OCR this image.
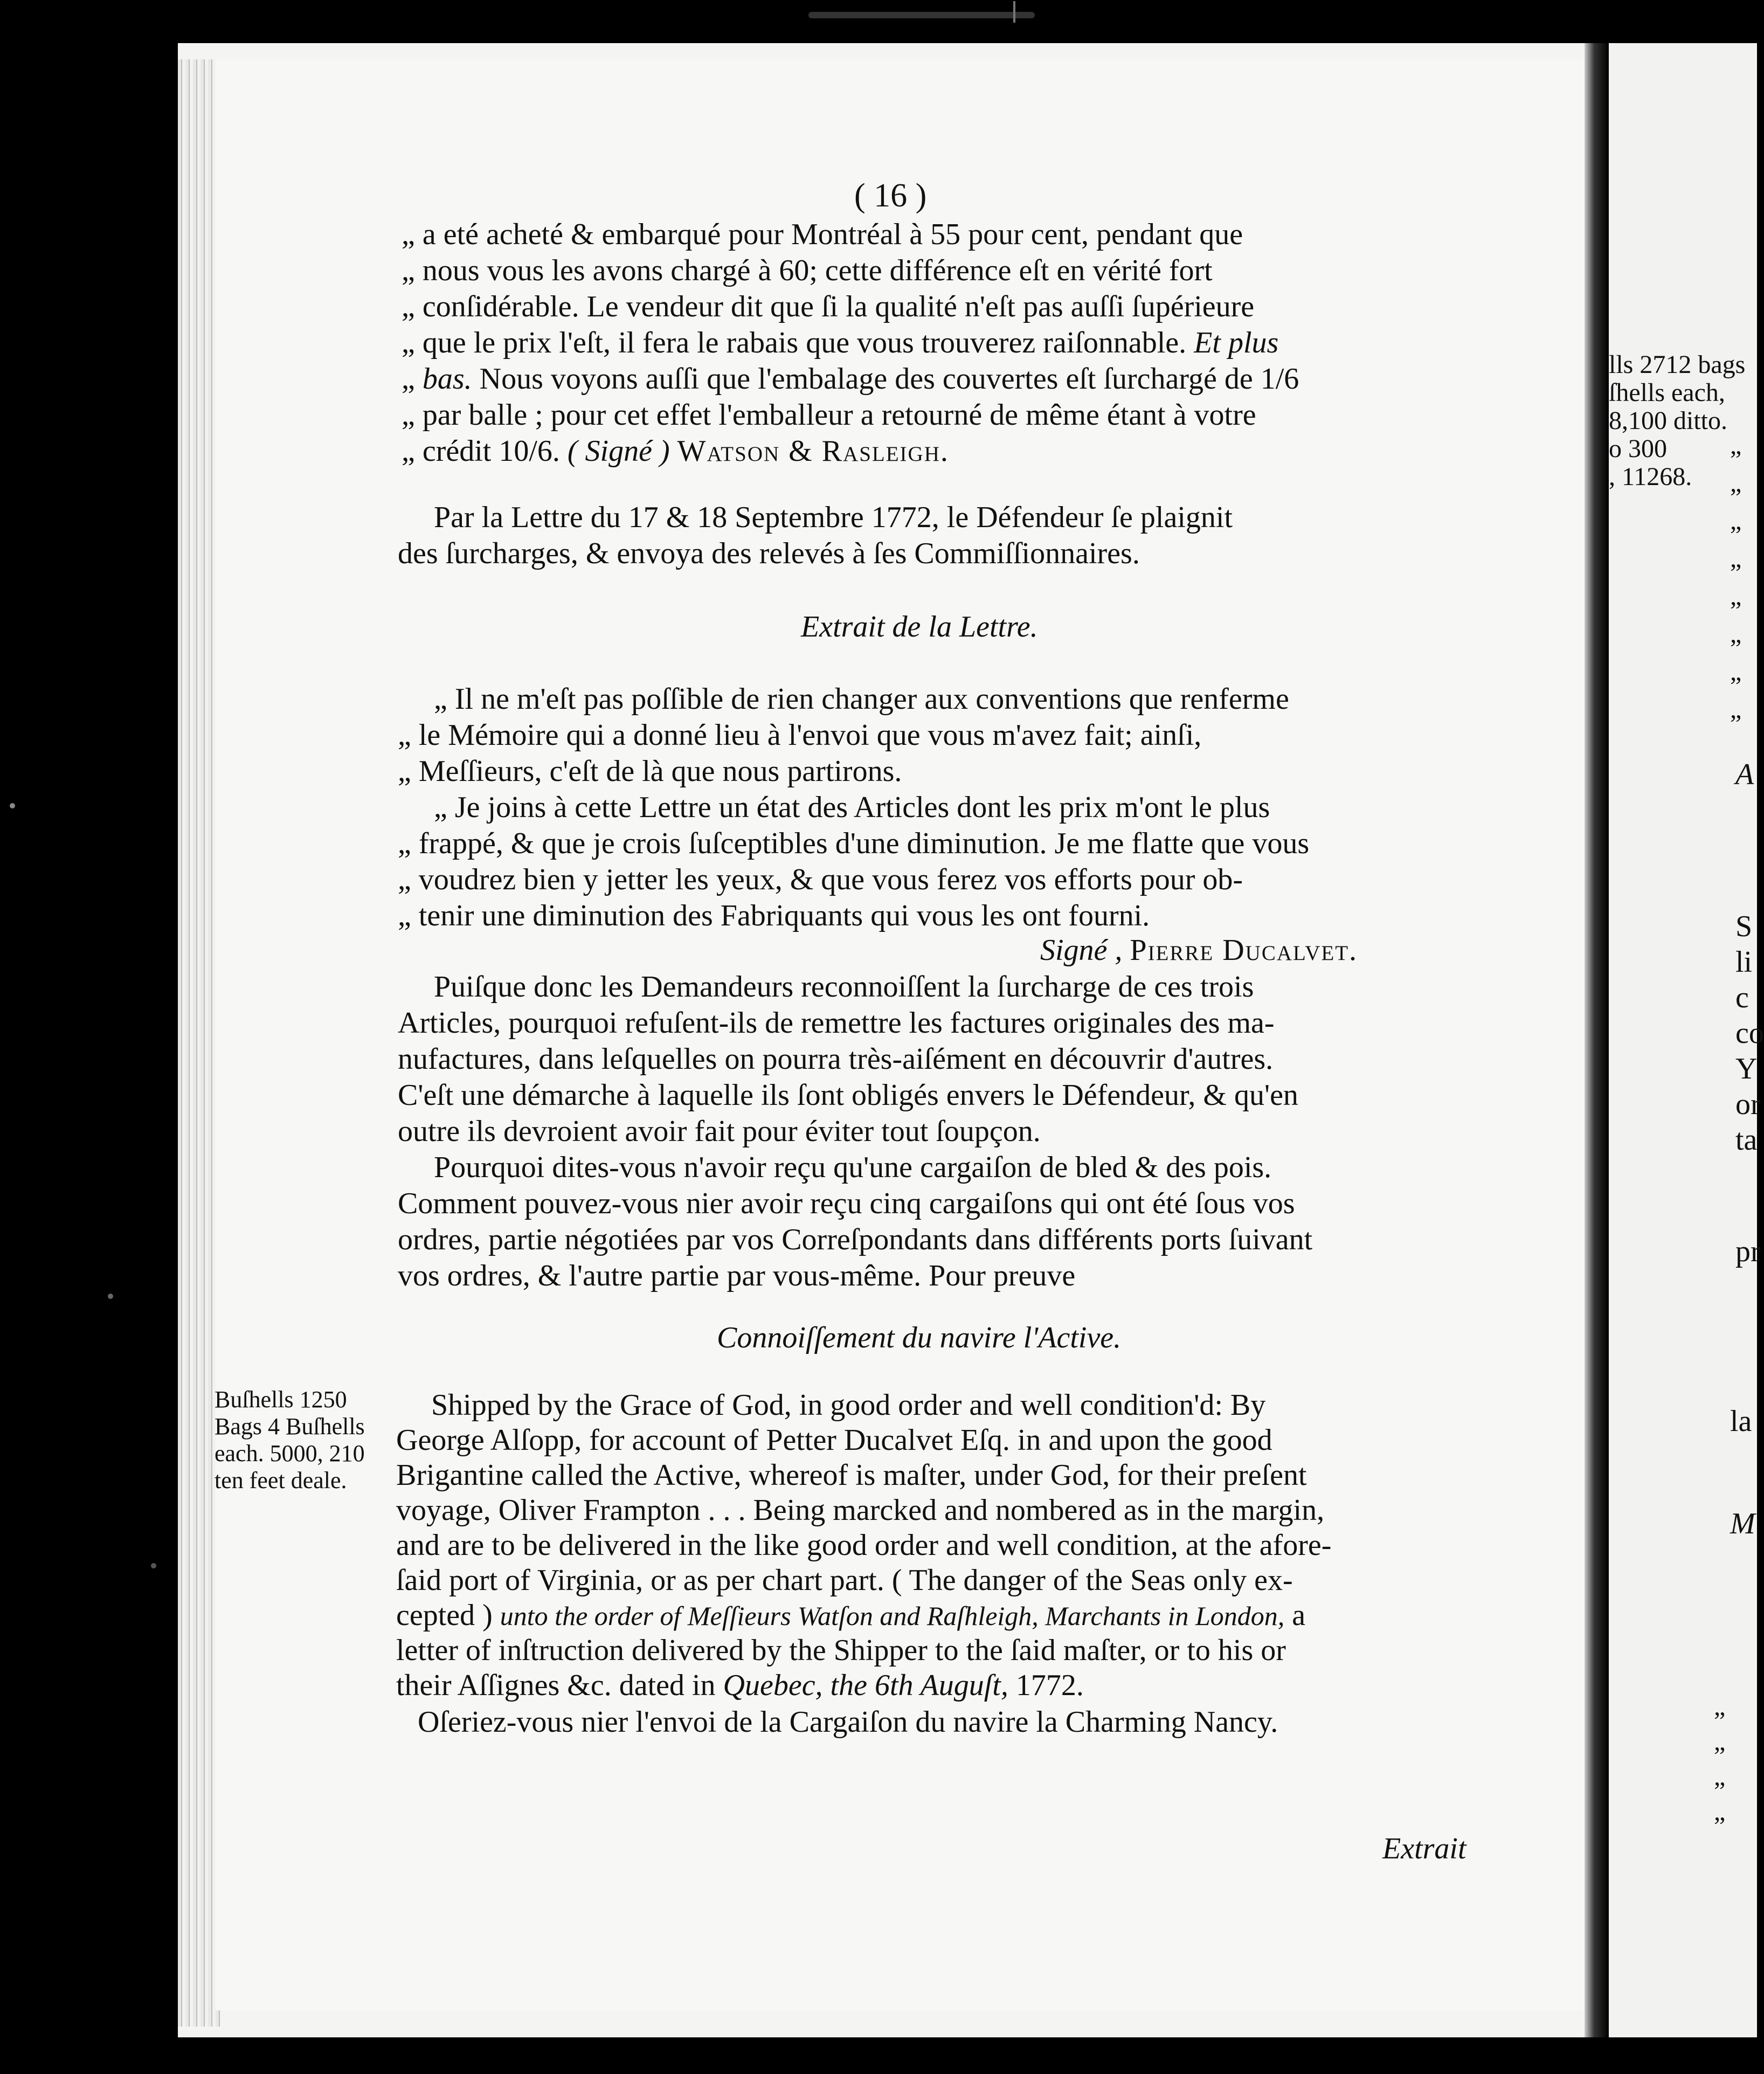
( 16 )
„ a eté acheté & embarqué pour Montréal à 55 pour cent, pendant que
„ nous vous les avons chargé à 60; cette différence eſt en vérité fort
„ conſidérable. Le vendeur dit que ſi la qualité n'eſt pas auſſi ſupérieure
„ que le prix l'eſt, il fera le rabais que vous trouverez raiſonnable. Et plus
„ bas. Nous voyons auſſi que l'embalage des couvertes eſt ſurchargé de 1/6
„ par balle ; pour cet effet l'emballeur a retourné de même étant à votre
„ crédit 10/6. ( Signé ) Watson & Rasleigh.
Par la Lettre du 17 & 18 Septembre 1772, le Défendeur ſe plaignit
des ſurcharges, & envoya des relevés à ſes Commiſſionnaires.
Extrait de la Lettre.
„ Il ne m'eſt pas poſſible de rien changer aux conventions que renferme
„ le Mémoire qui a donné lieu à l'envoi que vous m'avez fait; ainſi,
„ Meſſieurs, c'eſt de là que nous partirons.
„ Je joins à cette Lettre un état des Articles dont les prix m'ont le plus
„ frappé, & que je crois ſuſceptibles d'une diminution. Je me flatte que vous
„ voudrez bien y jetter les yeux, & que vous ferez vos efforts pour ob-
„ tenir une diminution des Fabriquants qui vous les ont fourni.
Signé , Pierre Ducalvet.
Puiſque donc les Demandeurs reconnoiſſent la ſurcharge de ces trois
Articles, pourquoi refuſent-ils de remettre les factures originales des ma-
nufactures, dans leſquelles on pourra très-aiſément en découvrir d'autres.
C'eſt une démarche à laquelle ils ſont obligés envers le Défendeur, & qu'en
outre ils devroient avoir fait pour éviter tout ſoupçon.
Pourquoi dites-vous n'avoir reçu qu'une cargaiſon de bled & des pois.
Comment pouvez-vous nier avoir reçu cinq cargaiſons qui ont été ſous vos
ordres, partie négotiées par vos Correſpondants dans différents ports ſuivant
vos ordres, & l'autre partie par vous-même. Pour preuve
Connoiſſement du navire l'Active.
Buſhells 1250
Bags 4 Buſhells
each. 5000, 210
ten feet deale.
Shipped by the Grace of God, in good order and well condition'd: By
George Alſopp, for account of Petter Ducalvet Eſq. in and upon the good
Brigantine called the Active, whereof is maſter, under God, for their preſent
voyage, Oliver Frampton . . . Being marcked and nombered as in the margin,
and are to be delivered in the like good order and well condition, at the afore-
ſaid port of Virginia, or as per chart part. ( The danger of the Seas only ex-
cepted ) unto the order of Meſſieurs Watſon and Raſhleigh, Marchants in London, a
letter of inſtruction delivered by the Shipper to the ſaid maſter, or to his or
their Aſſignes &c. dated in Quebec, the 6th Auguſt, 1772.
Oſeriez-vous nier l'envoi de la Cargaiſon du navire la Charming Nancy.
Extrait
lls 2712 bags
ſhells each,
8,100 ditto.
o 300
, 11268.
„
„
„
„
„
„
„
„
A
S
li
c
co
Y
or
ta
pr
la
M
„
„
„
„
